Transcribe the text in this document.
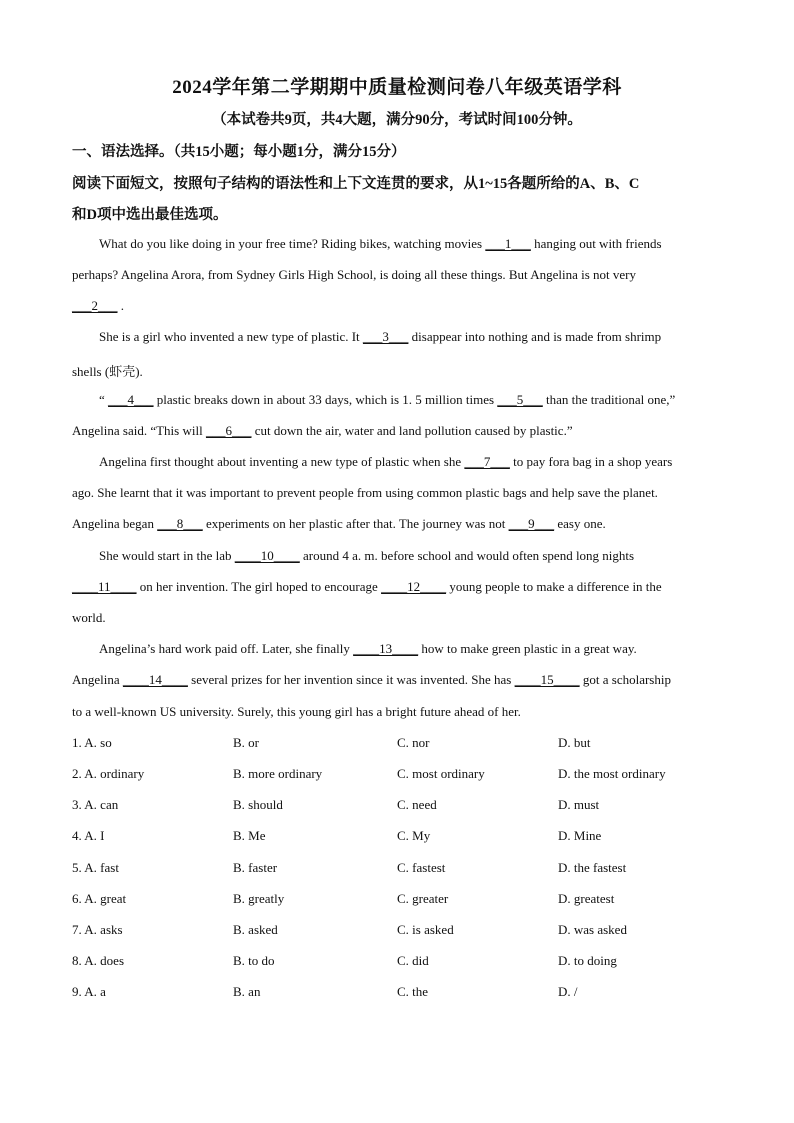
2024学年第二学期期中质量检测问卷八年级英语学科
（本试卷共9页，共4大题，满分90分，考试时间100分钟。
一、语法选择。（共15小题；每小题1分，满分15分）
阅读下面短文，按照句子结构的语法性和上下文连贯的要求，从1~15各题所给的A、B、C
和D项中选出最佳选项。
What do you like doing in your free time? Riding bikes, watching movies ___1___ hanging out with friends
perhaps? Angelina Arora, from Sydney Girls High School, is doing all these things. But Angelina is not very
___2___ .
She is a girl who invented a new type of plastic. It ___3___ disappear into nothing and is made from shrimp
shells (虾壳).
“ ___4___ plastic breaks down in about 33 days, which is 1. 5 million times ___5___ than the traditional one,”
Angelina said. “This will ___6___ cut down the air, water and land pollution caused by plastic.”
Angelina first thought about inventing a new type of plastic when she ___7___ to pay fora bag in a shop years
ago. She learnt that it was important to prevent people from using common plastic bags and help save the planet.
Angelina began ___8___ experiments on her plastic after that. The journey was not ___9___ easy one.
She would start in the lab ____10____ around 4 a. m. before school and would often spend long nights
____11____ on her invention. The girl hoped to encourage ____12____ young people to make a difference in the
world.
Angelina’s hard work paid off. Later, she finally ____13____ how to make green plastic in a great way.
Angelina ____14____ several prizes for her invention since it was invented. She has ____15____ got a scholarship
to a well-known US university. Surely, this young girl has a bright future ahead of her.
1. A. so	B. or	C. nor	D. but
2. A. ordinary	B. more ordinary	C. most ordinary	D. the most ordinary
3. A. can	B. should	C. need	D. must
4. A. I	B. Me	C. My	D. Mine
5. A. fast	B. faster	C. fastest	D. the fastest
6. A. great	B. greatly	C. greater	D. greatest
7. A. asks	B. asked	C. is asked	D. was asked
8. A. does	B. to do	C. did	D. to doing
9. A. a	B. an	C. the	D. /
